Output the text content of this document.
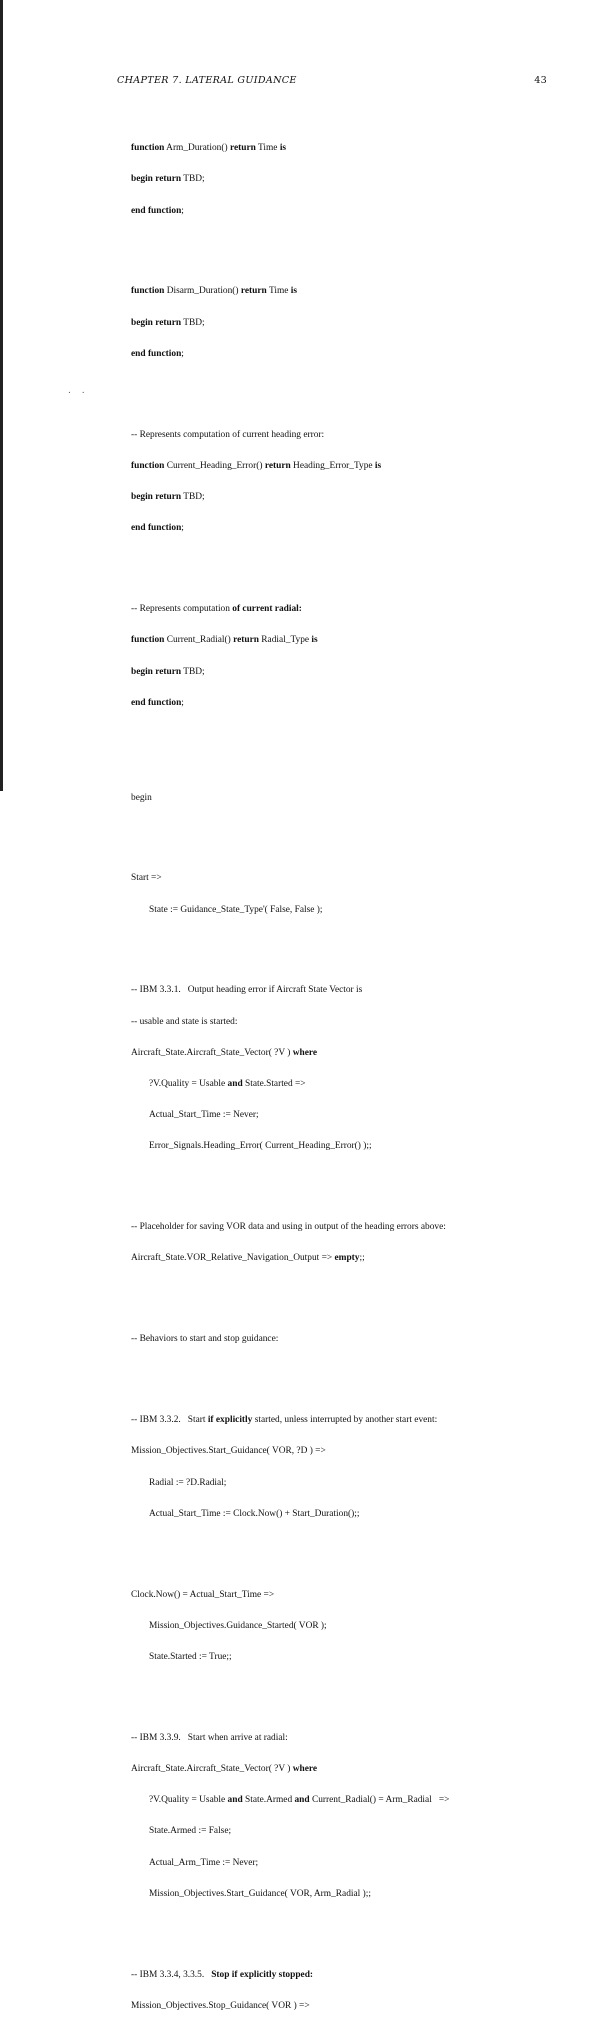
CHAPTER 7. LATERAL GUIDANCE	43
. .

function Arm_Duration() return Time is

begin return TBD;

end function;

function Disarm_Duration() return Time is

begin return TBD;

end function;

-- Represents computation of current heading error:

function Current_Heading_Error() return Heading_Error_Type is

begin return TBD;

end function;

-- Represents computation of current radial:

function Current_Radial() return Radial_Type is

begin return TBD;

end function;

begin

Start =>

State := Guidance_State_Type'( False, False );

-- IBM 3.3.1.   Output heading error if Aircraft State Vector is

-- usable and state is started:

Aircraft_State.Aircraft_State_Vector( ?V ) where

?V.Quality = Usable and State.Started =>

Actual_Start_Time := Never;

Error_Signals.Heading_Error( Current_Heading_Error() );;

-- Placeholder for saving VOR data and using in output of the heading errors above:

Aircraft_State.VOR_Relative_Navigation_Output => empty;;

-- Behaviors to start and stop guidance:

-- IBM 3.3.2.   Start if explicitly started, unless interrupted by another start event:

Mission_Objectives.Start_Guidance( VOR, ?D ) =>

Radial := ?D.Radial;

Actual_Start_Time := Clock.Now() + Start_Duration();;

Clock.Now() = Actual_Start_Time =>

Mission_Objectives.Guidance_Started( VOR );

State.Started := True;;

-- IBM 3.3.9.   Start when arrive at radial:

Aircraft_State.Aircraft_State_Vector( ?V ) where

?V.Quality = Usable and State.Armed and Current_Radial() = Arm_Radial   =>

State.Armed := False;

Actual_Arm_Time := Never;

Mission_Objectives.Start_Guidance( VOR, Arm_Radial );;

-- IBM 3.3.4, 3.3.5.   Stop if explicitly stopped:

Mission_Objectives.Stop_Guidance( VOR ) =>
